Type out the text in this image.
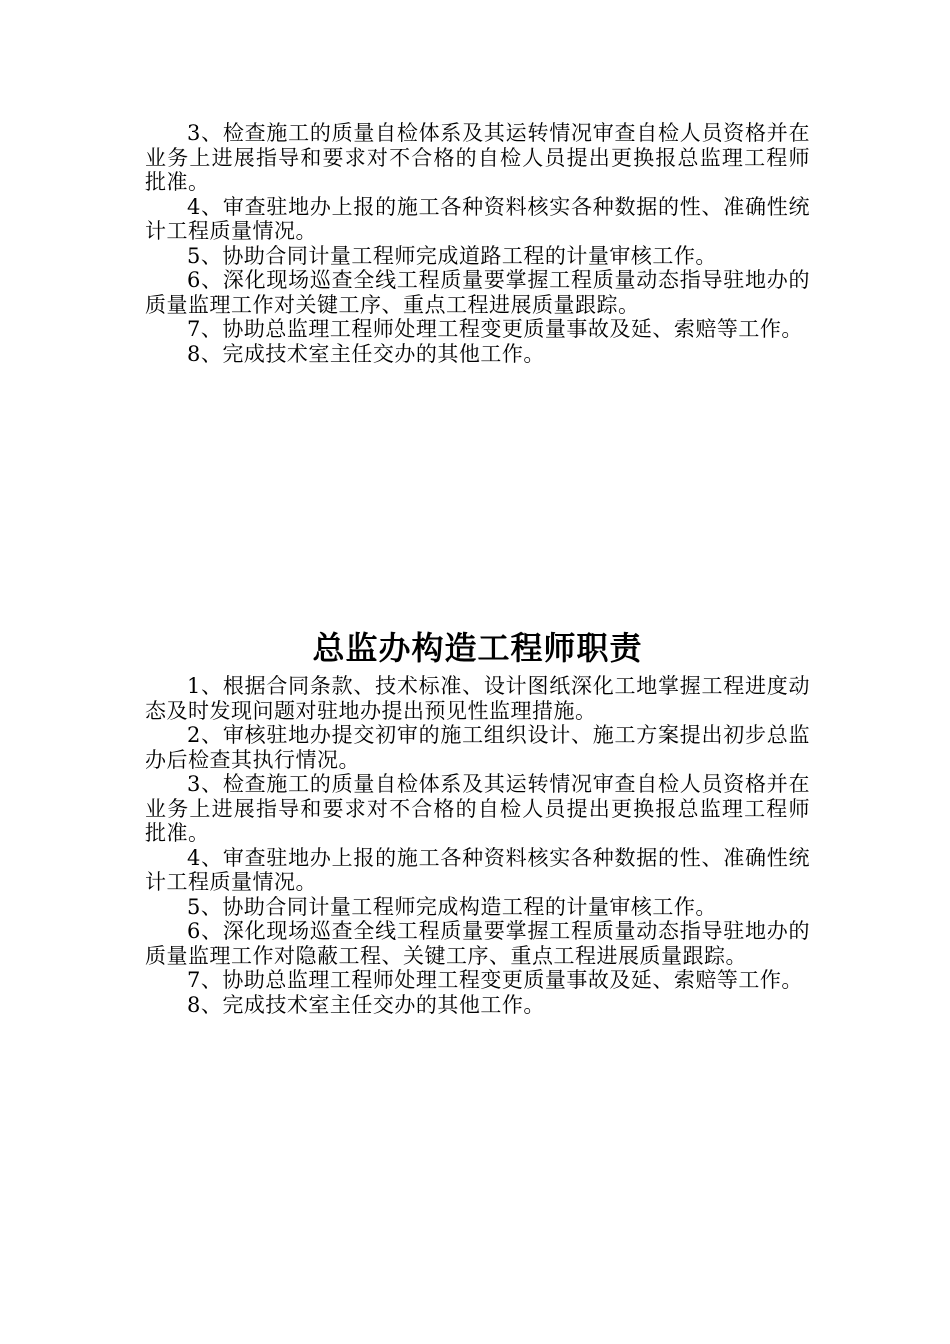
3、检查施工的质量自检体系及其运转情况审查自检人员资格并在业务上进展指导和要求对不合格的自检人员提出更换报总监理工程师批准。

4、审查驻地办上报的施工各种资料核实各种数据的性、准确性统计工程质量情况。

5、协助合同计量工程师完成道路工程的计量审核工作。

6、深化现场巡查全线工程质量要掌握工程质量动态指导驻地办的质量监理工作对关键工序、重点工程进展质量跟踪。

7、协助总监理工程师处理工程变更质量事故及延、索赔等工作。

8、完成技术室主任交办的其他工作。

总监办构造工程师职责

1、根据合同条款、技术标准、设计图纸深化工地掌握工程进度动态及时发现问题对驻地办提出预见性监理措施。

2、审核驻地办提交初审的施工组织设计、施工方案提出初步总监办后检查其执行情况。

3、检查施工的质量自检体系及其运转情况审查自检人员资格并在业务上进展指导和要求对不合格的自检人员提出更换报总监理工程师批准。

4、审查驻地办上报的施工各种资料核实各种数据的性、准确性统计工程质量情况。

5、协助合同计量工程师完成构造工程的计量审核工作。

6、深化现场巡查全线工程质量要掌握工程质量动态指导驻地办的质量监理工作对隐蔽工程、关键工序、重点工程进展质量跟踪。

7、协助总监理工程师处理工程变更质量事故及延、索赔等工作。

8、完成技术室主任交办的其他工作。
